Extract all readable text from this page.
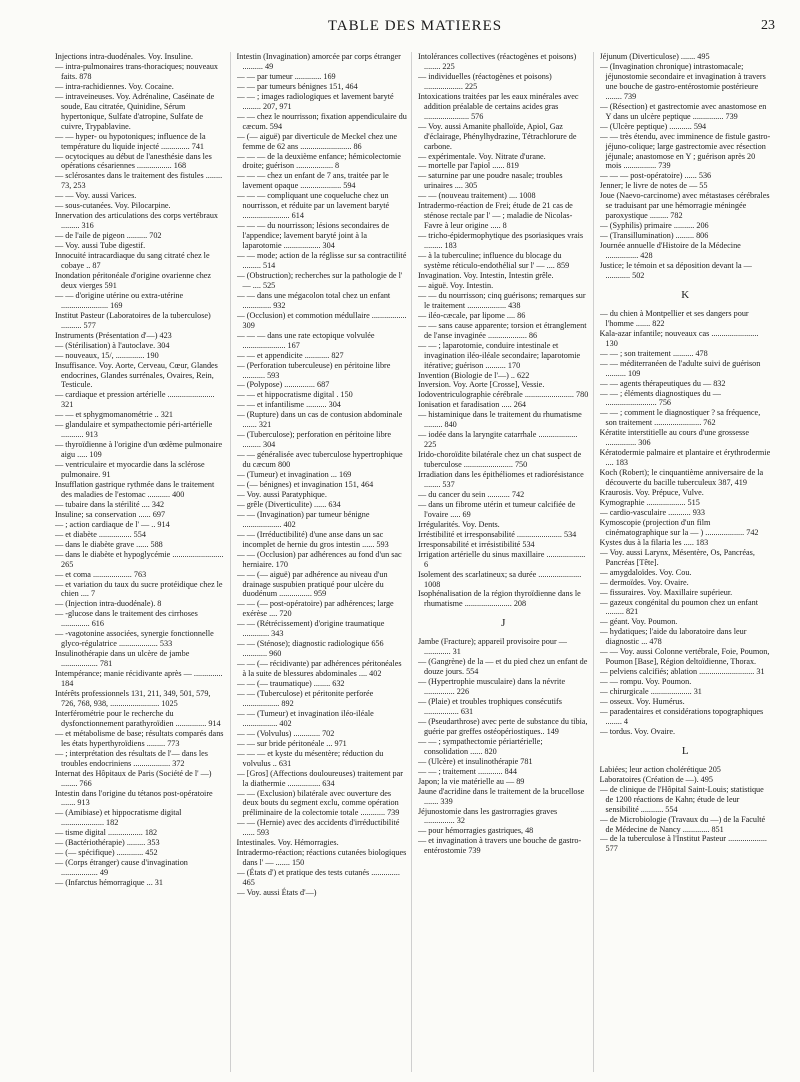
TABLE DES MATIERES	23

Injections intra-duodénales. Voy. Insuline.

— intra-pulmonaires trans-thoraciques; nouveaux faits. 878

— intra-rachidiennes. Voy. Cocaine.

— intraveineuses. Voy. Adrénaline, Caséinate de soude, Eau citratée, Quinidine, Sérum hypertonique, Sulfate d'atropine, Sulfate de cuivre, Trypablavine.

— — hyper- ou hypotoniques; influence de la température du liquide injecté .............. 741

— ocytociques au début de l'anesthésie dans les opérations césariennes ................. 168

— sclérosantes dans le traitement des fistules ........ 73, 253

— — Voy. aussi Varices.

— sous-cutanées. Voy. Pilocarpine.

Innervation des articulations des corps vertébraux ......... 316

— de l'aile de pigeon .......... 702

— Voy. aussi Tube digestif.

Innocuité intracardiaque du sang citraté chez le cobaye .. 87

Inondation péritonéale d'origine ovarienne chez deux vierges 591

— — d'origine utérine ou extra-utérine ....................... 169

Institut Pasteur (Laboratoires de la tuberculose) .......... 577

Instruments (Présentation d'—) 423

— (Stérilisation) à l'autoclave. 304

— nouveaux, 15/, .............. 190

Insuffisance. Voy. Aorte, Cerveau, Cœur, Glandes endocrines, Glandes surrénales, Ovaires, Rein, Testicule.

— cardiaque et pression artérielle ....................... 321

— — et sphygmomanométrie .. 321

— glandulaire et sympathectomie péri-artérielle ........... 913

— thyroïdienne à l'origine d'un œdème pulmonaire aigu ..... 109

— ventriculaire et myocardie dans la sclérose pulmonaire. 91

Insufflation gastrique rythmée dans le traitement des maladies de l'estomac ........... 400

— tubaire dans la stérilité .... 342

Insuline; sa conservation ...... 697

— ; action cardiaque de l' — .. 914

— et diabète ................ 554

— dans le diabète grave ...... 588

— dans le diabète et hypoglycémie ......................... 265

— et coma ................... 763

— et variation du taux du sucre protéidique chez le chien .... 7

— (Injection intra-duodénale). 8

— -glucose dans le traitement des cirrhoses .............. 616

— -vagotonine associées, synergie fonctionnelle glyco-régulatrice ................... 533

Insulinothérapie dans un ulcère de jambe .................. 781

Intempérance; manie récidivante après — .............. 184

Intérêts professionnels 131, 211, 349, 501, 579, 726, 768, 938, ........................ 1025

Interférométrie pour le recherche du dysfonctionnement parathyroïdien ............... 914

— et métabolisme de base; résultats comparés dans les états hyperthyroïdiens ......... 773

— ; interprétation des résultats de l'— dans les troubles endocriniens .................. 372

Internat des Hôpitaux de Paris (Société de l' —) ........ 766

Intestin dans l'origine du tétanos post-opératoire ....... 913

— (Amibiase) et hippocratisme digital ..................... 182

— tisme digital ................. 182

— (Bactériothérapie) ......... 353

— (— spécifique) ............. 452

— (Corps étranger) cause d'invagination .................. 49

— (Infarctus hémorragique ... 31

Intestin (Invagination) amorcée par corps étranger .......... 49

— — par tumeur ............. 169

— — par tumeurs bénignes 151, 464

— — ; images radiologiques et lavement baryté ......... 207, 971

— — chez le nourrisson; fixation appendiculaire du cæcum. 594

— (— aiguë) par diverticule de Meckel chez une femme de 62 ans ......................... 86

— — — de la deuxième enfance; hémicolectomie droite; guérison .................. 8

— — — chez un enfant de 7 ans, traitée par le lavement opaque .................... 594

— — — compliquant une coqueluche chez un nourrisson, et réduite par un lavement baryté ....................... 614

— — — du nourrisson; lésions secondaires de l'appendice; lavement baryté joint à la laparotomie .................. 304

— — mode; action de la réglisse sur sa contractilité ......... 514

— (Obstruction); recherches sur la pathologie de l' — .... 525

— — dans une mégacolon total chez un enfant .............. 932

— (Occlusion) et commotion médullaire ................. 309

— — — dans une rate ectopique volvulée ..................... 167

— — et appendicite ............ 827

— (Perforation tuberculeuse) en péritoine libre ........... 593

— (Polypose) ............... 687

— — et hippocratisme digital . 150

— — et infantilisme .......... 304

— (Rupture) dans un cas de contusion abdominale ....... 321

— (Tuberculose); perforation en péritoine libre ......... 304

— — généralisée avec tuberculose hypertrophique du cæcum 800

— (Tumeur) et invagination ... 169

— (— bénignes) et invagination 151, 464

— Voy. aussi Paratyphique.

— grêle (Diverticulite) ...... 634

— — (Invagination) par tumeur bénigne ................... 402

— — (Irréductibilité) d'une anse dans un sac incomplet de hernie du gros intestin ...... 593

— — (Occlusion) par adhérences au fond d'un sac herniaire. 170

— — (— aiguë) par adhérence au niveau d'un drainage suspubien pratiqué pour ulcère du duodénum ................ 959

— — (— post-opératoire) par adhérences; large exérèse .... 720

— — (Rétrécissement) d'origine traumatique ............. 343

— — (Sténose); diagnostic radiologique 656 ............ 960

— — (— récidivante) par adhérences péritonéales à la suite de blessures abdominales .... 402

— — (— traumatique) ........ 632

— — (Tuberculose) et péritonite perforée .................. 892

— — (Tumeur) et invagination iléo-iléale ................. 402

— — (Volvulus) ............. 702

— — sur bride péritonéale ... 971

— — — et kyste du mésentère; réduction du volvulus .. 631

— [Gros] (Affections douloureuses) traitement par la diathermie ................ 634

— — (Exclusion) bilatérale avec ouverture des deux bouts du segment exclu, comme opération préliminaire de la colectomie totale ............ 739

— — (Hernie) avec des accidents d'irréductibilité ...... 593

Intestinales. Voy. Hémorragies.

Intradermo-réaction; réactions cutanées biologiques dans l' — ....... 150

— (États d') et pratique des tests cutanés .............. 465

— Voy. aussi États d'—)

Intolérances collectives (réactogènes et poisons) ........ 225

— individuelles (réactogènes et poisons) ................... 225

Intoxications traitées par les eaux minérales avec addition préalable de certains acides gras ...................... 576

— Voy. aussi Amanite phalloïde, Apiol, Gaz d'éclairage, Phénylhydrazine, Tétrachlorure de carbone.

— expérimentale. Voy. Nitrate d'urane.

— mortelle par l'apiol ...... 819

— saturnine par une poudre nasale; troubles urinaires .... 305

— — (nouveau traitement) .... 1008

Intradermo-réaction de Frei; étude de 21 cas de sténose rectale par l' — ; maladie de Nicolas-Favre à leur origine ..... 8

— tricho-épidermophytique des psoriasiques vrais ......... 183

— à la tuberculine; influence du blocage du système réticulo-endothélial sur l' — .... 859

Invagination. Voy. Intestin, Intestin grêle.

— aiguë. Voy. Intestin.

— — du nourrisson; cinq guérisons; remarques sur le traitement ................... 438

— iléo-cæcale, par lipome .... 86

— — sans cause apparente; torsion et étranglement de l'anse invaginée ................... 86

— — ; laparotomie, conduire intestinale et invagination iléo-iléale secondaire; laparotomie itérative; guérison .......... 170

Invention (Biologie de l'—) .. 622

Inversion. Voy. Aorte [Crosse], Vessie.

Iodoventriculographie cérébrale ........................ 780

Ionisation et faradisation ..... 264

— histaminique dans le traitement du rhumatisme ......... 840

— iodée dans la laryngite catarrhale ................... 225

Irido-choroïdite bilatérale chez un chat suspect de tuberculose ........................ 750

Irradiation dans les épithéliomes et radiorésistance ........ 537

— du cancer du sein ........... 742

— dans un fibrome utérin et tumeur calcifiée de l'ovaire ..... 69

Irrégularités. Voy. Dents.

Irréstibilité et irresponsabilité ...................... 534

Irresponsabilité et irrésistibilité 534

Irrigation artérielle du sinus maxillaire ................... 6

Isolement des scarlatineux; sa durée ..................... 1008

Isophénalisation de la région thyroïdienne dans le rhumatisme ....................... 208

J

Jambe (Fracture); appareil provisoire pour — ............. 31

— (Gangrène) de la — et du pied chez un enfant de douze jours. 554

— (Hypertrophie musculaire) dans la névrite ............... 226

— (Plaie) et troubles trophiques consécutifs ................. 631

— (Pseudarthrose) avec perte de substance du tibia, guérie par greffes ostéopériostiques.. 149

— — ; sympathectomie périartérielle; consolidation ...... 820

— (Ulcère) et insulinothérapie 781

— — ; traitement ............ 844

Japon; la vie matérielle au — 89

Jaune d'acridine dans le traitement de la brucellose ....... 339

Jéjunostomie dans les gastrorragies graves ............... 32

— pour hémorragies gastriques, 48

— et invagination à travers une bouche de gastro-entérostomie 739

Jéjunum (Diverticulose) ....... 495

— (Invagination chronique) intrastomacale; jéjunostomie secondaire et invagination à travers une bouche de gastro-entérostomie postérieure ........ 739

— (Résection) et gastrectomie avec anastomose en Y dans un ulcère peptique ............... 739

— (Ulcère peptique) ........... 594

— — très étendu, avec imminence de fistule gastro-jéjuno-colique; large gastrectomie avec résection jéjunale; anastomose en Y ; guérison après 20 mois ................ 739

— — — post-opératoire) ...... 536

Jenner; le livre de notes de — 55

Joue (Naevo-carcinome) avec métastases cérébrales se traduisant par une hémorragie méningée paroxystique ......... 782

— (Syphilis) primaire .......... 206

— (Transillumination) ......... 806

Journée annuelle d'Histoire de la Médecine ................ 428

Justice; le témoin et sa déposition devant la — ............ 502

K

— du chien à Montpellier et ses dangers pour l'homme ....... 822

Kala-azar infantile; nouveaux cas ....................... 130

— — ; son traitement .......... 478

— — méditerranéen de l'adulte suivi de guérison .......... 109

— — agents thérapeutiques du — 832

— — ; éléments diagnostiques du — ......................... 756

— — ; comment le diagnostiquer ? sa fréquence, son traitement ....................... 762

Kératite interstitielle au cours d'une grossesse ............... 306

Kératodermie palmaire et plantaire et érythrodermie .... 183

Koch (Robert); le cinquantième anniversaire de la découverte du bacille tuberculeux 387, 419

Kraurosis. Voy. Prépuce, Vulve.

Kymographie ................... 515

— cardio-vasculaire ........... 933

Kymoscopie (projection d'un film cinématographique sur la — ) ................... 742

Kystes dus à la filaria les ..... 183

— Voy. aussi Larynx, Mésentère, Os, Pancréas, Pancréas [Tête].

— amygdaloïdes. Voy. Cou.

— dermoïdes. Voy. Ovaire.

— fissuraires. Voy. Maxillaire supérieur.

— gazeux congénital du poumon chez un enfant ......... 821

— géant. Voy. Poumon.

— hydatiques; l'aide du laboratoire dans leur diagnostic ... 478

— — Voy. aussi Colonne vertébrale, Foie, Poumon, Poumon [Base], Région deltoïdienne, Thorax.

— pelviens calcifiés; ablation ........................... 31

— — rompu. Voy. Poumon.

— chirurgicale .................... 31

— osseux. Voy. Humérus.

— paradentaires et considérations topographiques ........ 4

— tordus. Voy. Ovaire.

L

Labiées; leur action cholérétique 205

Laboratoires (Création de —). 495

— de clinique de l'Hôpital Saint-Louis; statistique de 1200 réactions de Kahn; étude de leur sensibilité ........... 554

— de Microbiologie (Travaux du —) de la Faculté de Médecine de Nancy ............. 851

— de la tuberculose à l'Institut Pasteur ................... 577
